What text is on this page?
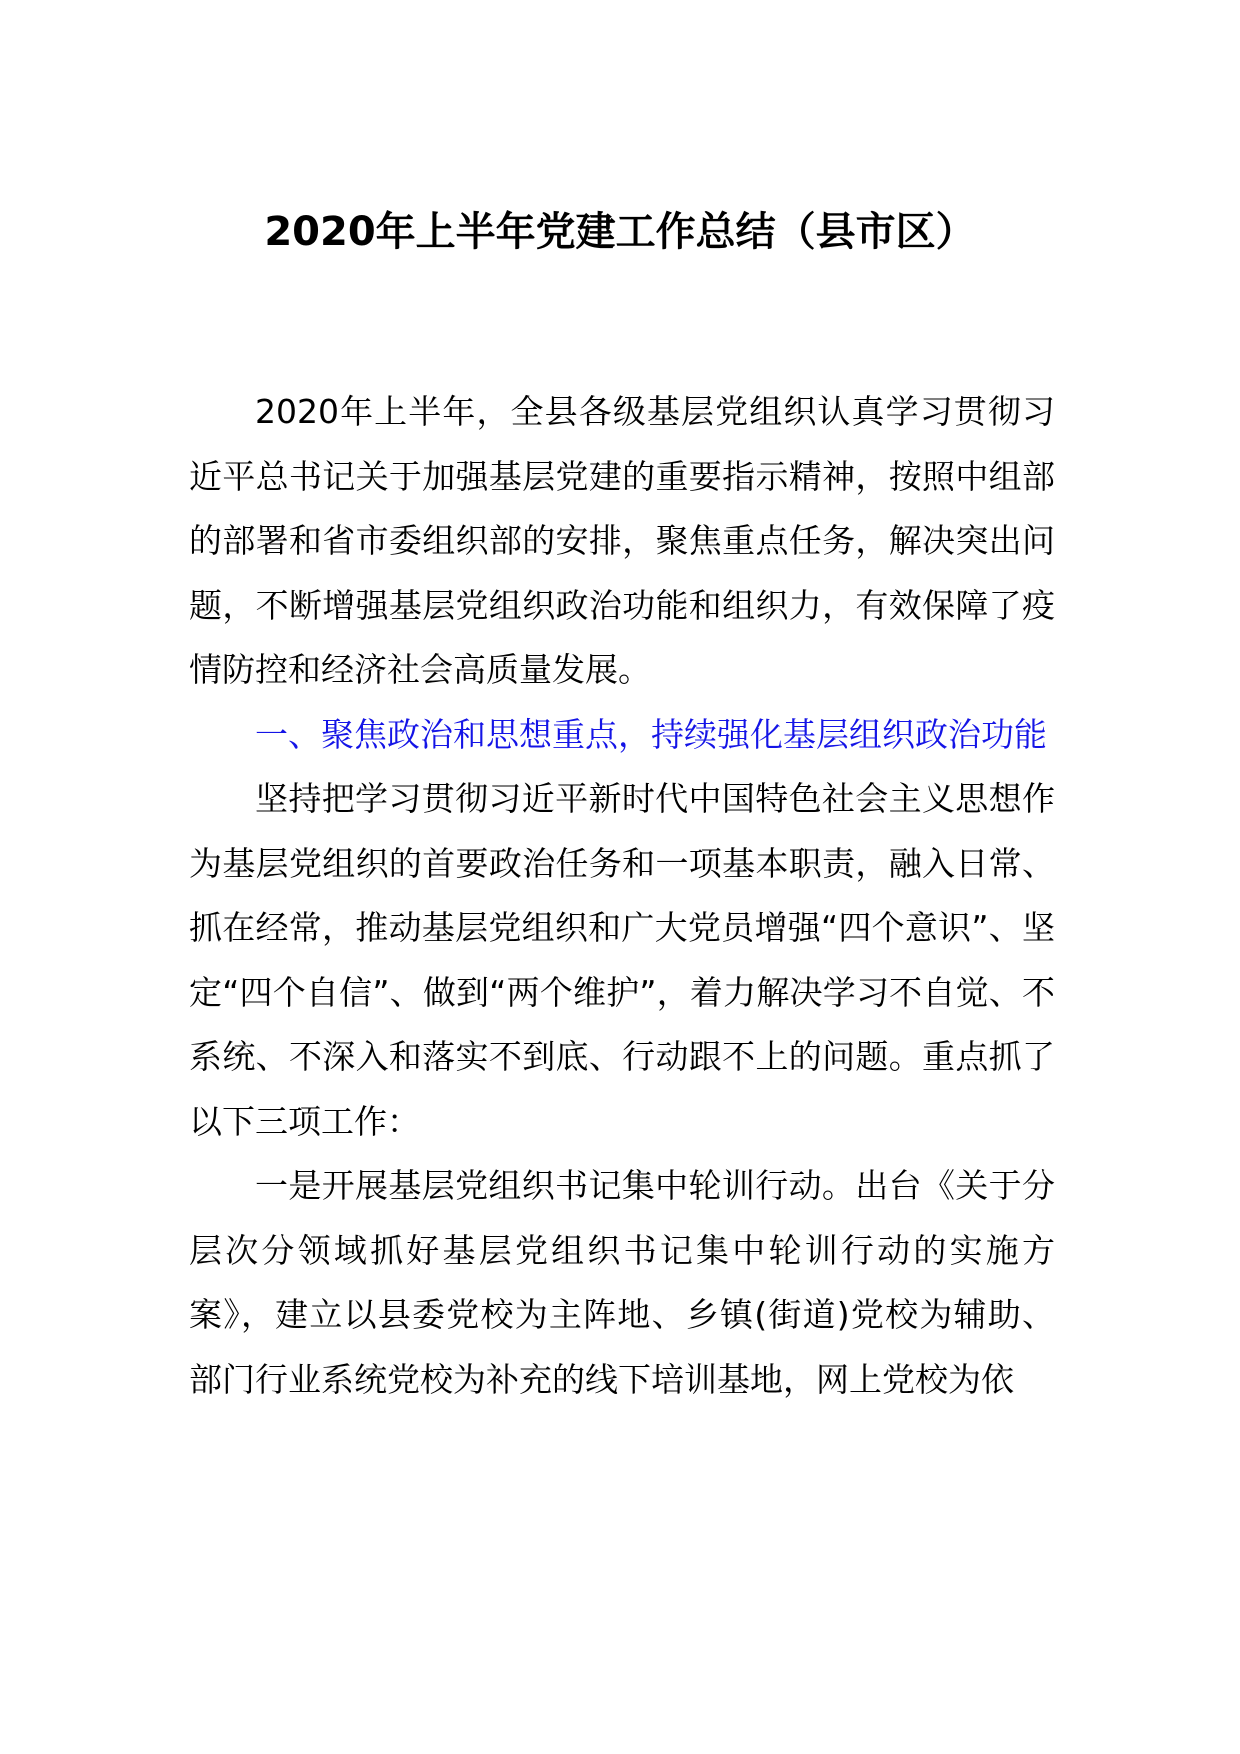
2020年上半年党建工作总结（县市区）

2020年上半年，全县各级基层党组织认真学习贯彻习近平总书记关于加强基层党建的重要指示精神，按照中组部的部署和省市委组织部的安排，聚焦重点任务，解决突出问题，不断增强基层党组织政治功能和组织力，有效保障了疫情防控和经济社会高质量发展。

一、聚焦政治和思想重点，持续强化基层组织政治功能

坚持把学习贯彻习近平新时代中国特色社会主义思想作为基层党组织的首要政治任务和一项基本职责，融入日常、抓在经常，推动基层党组织和广大党员增强“四个意识”、坚定“四个自信”、做到“两个维护”，着力解决学习不自觉、不系统、不深入和落实不到底、行动跟不上的问题。重点抓了以下三项工作：

一是开展基层党组织书记集中轮训行动。出台《关于分层次分领域抓好基层党组织书记集中轮训行动的实施方案》，建立以县委党校为主阵地、乡镇(街道)党校为辅助、部门行业系统党校为补充的线下培训基地，网上党校为依
